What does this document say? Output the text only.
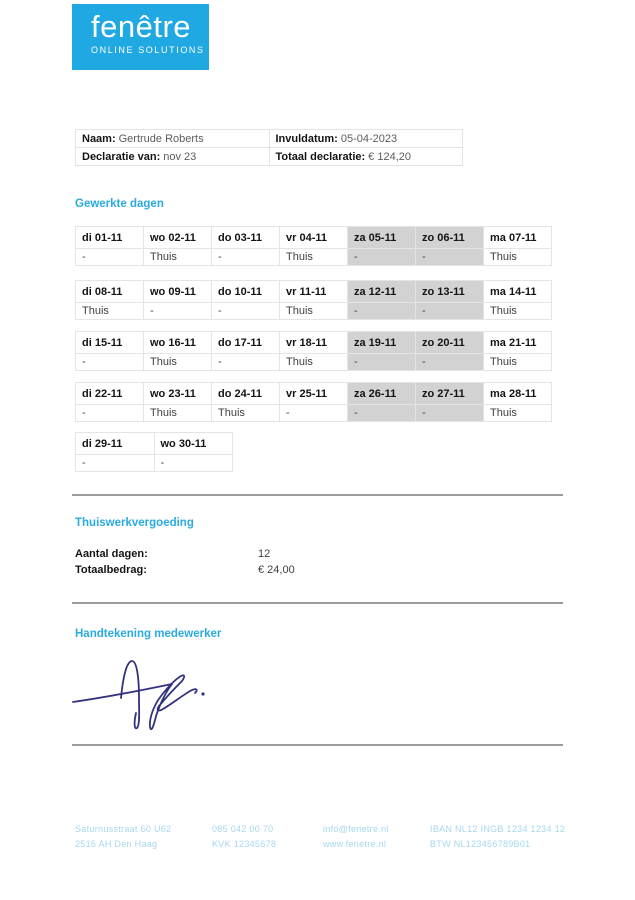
fenêtre
ONLINE SOLUTIONS
Naam: Gertrude Roberts	Invuldatum: 05-04-2023
Declaratie van: nov 23	Totaal declaratie: € 124,20
Gewerkte dagen
di 01-11	wo 02-11	do 03-11	vr 04-11	za 05-11	zo 06-11	ma 07-11
-	Thuis	-	Thuis	-	-	Thuis
di 08-11	wo 09-11	do 10-11	vr 11-11	za 12-11	zo 13-11	ma 14-11
Thuis	-	-	Thuis	-	-	Thuis
di 15-11	wo 16-11	do 17-11	vr 18-11	za 19-11	zo 20-11	ma 21-11
-	Thuis	-	Thuis	-	-	Thuis
di 22-11	wo 23-11	do 24-11	vr 25-11	za 26-11	zo 27-11	ma 28-11
-	Thuis	Thuis	-	-	-	Thuis
di 29-11	wo 30-11
-	-
Thuiswerkvergoeding
Aantal dagen:	12
Totaalbedrag:	€ 24,00
Handtekening medewerker
Saturnusstraat 60 U62
2516 AH Den Haag
085 042 00 70
KVK 12345678
info@fenetre.nl
www.fenetre.nl
IBAN NL12 INGB 1234 1234 12
BTW NL123456789B01
